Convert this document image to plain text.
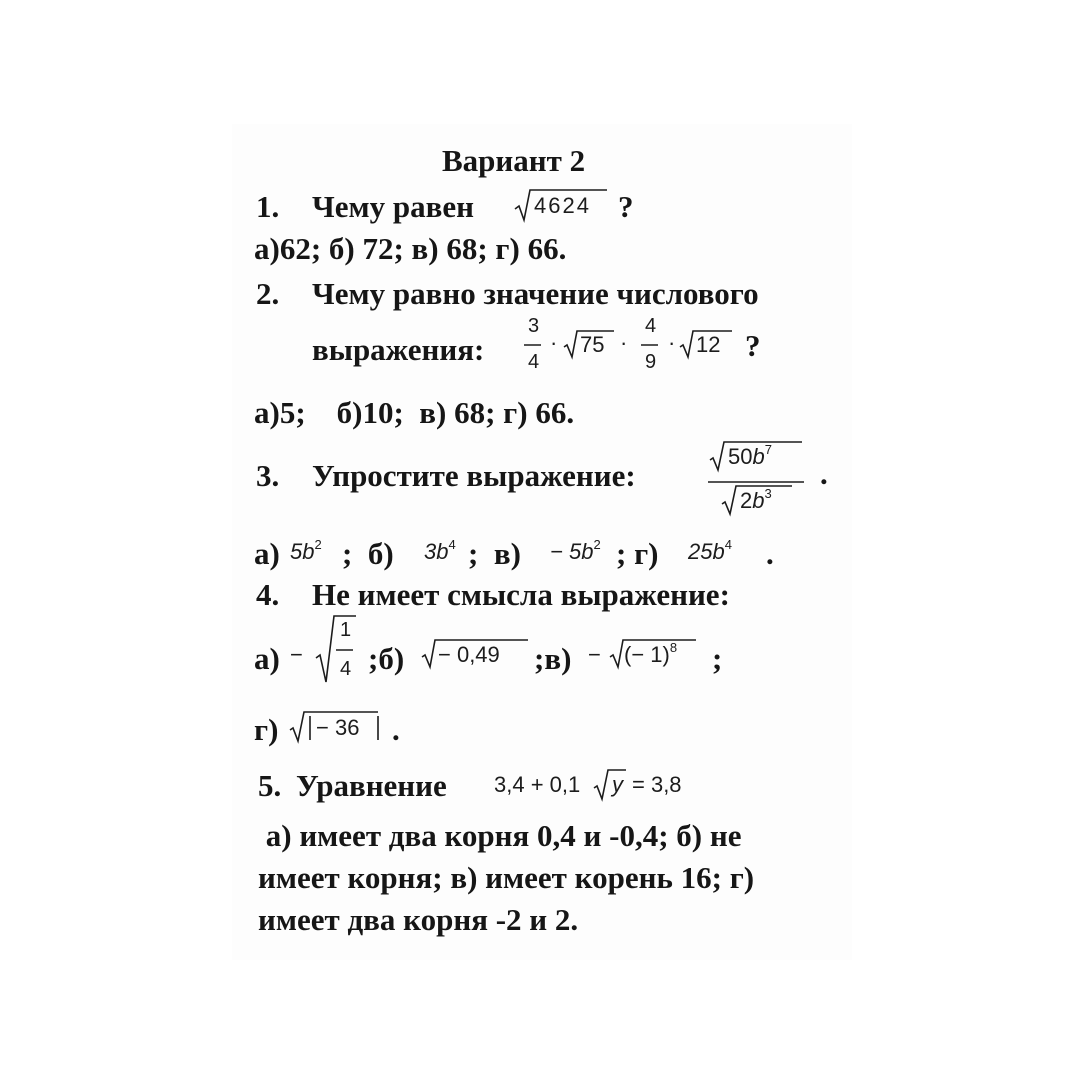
Вариант 2
1. Чему равен	4624 ?
а)62; б) 72; в) 68; г) 66.
2. Чему равно значение числового
выражения:
3
4
· 75 ·
4
9
· 12 ?
а)5;    б)10;  в) 68; г) 66.
3. Упростите выражение:
$50b^7$
$2b^3$
.
а) $5b^2$ ;  б) $3b^4$ ;  $в) - 5b^2$ ; г) $25b^4$ .
4. Не имеет смысла выражение:
а) −
1
4 ;б) − 0,49 ;в) − (− 1)$^8$ ;
г) − 36 .
5. Уравнение 3,4 + 0,1 y = 3,8
а) имеет два корня 0,4 и -0,4; б) не
имеет корня; в) имеет корень 16; г)
имеет два корня -2 и 2.
